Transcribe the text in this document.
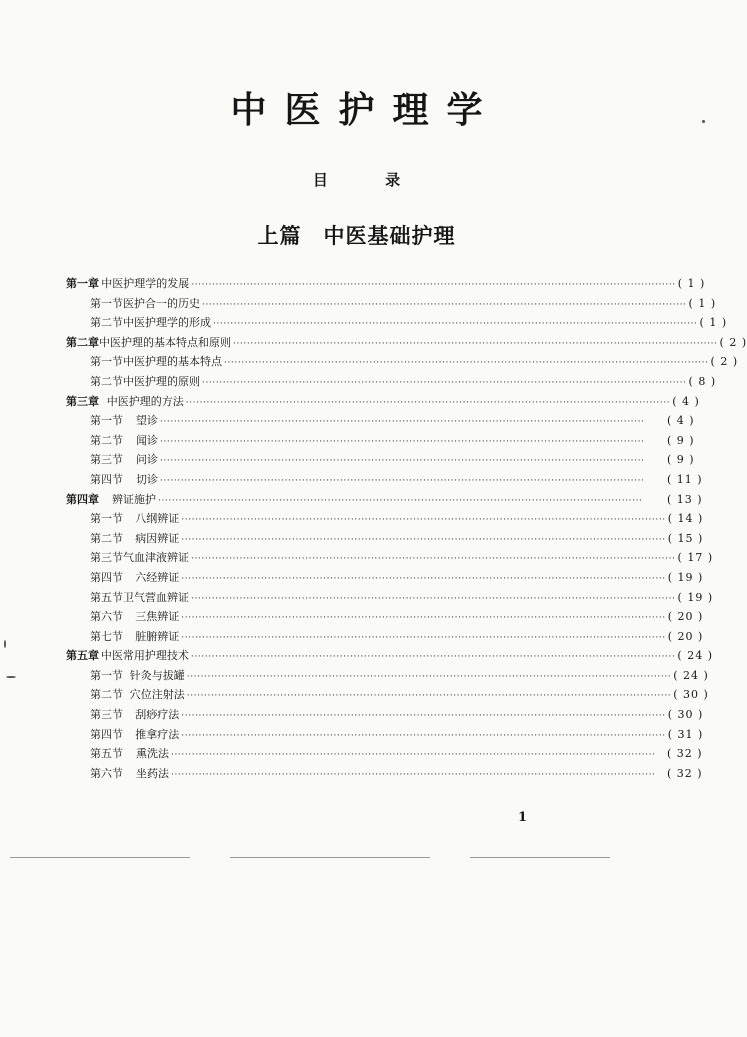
中医护理学
目 录
上篇 中医基础护理
第一章 中医护理学的发展 ············································································································································ ( 1 )
第一节 医护合一的历史 ············································································································································ ( 1 )
第二节 中医护理学的形成 ············································································································································ ( 1 )
第二章 中医护理的基本特点和原则 ············································································································································ ( 2 )
第一节 中医护理的基本特点 ············································································································································ ( 2 )
第二节 中医护理的原则 ············································································································································ ( 8 )
第三章 中医护理的方法 ············································································································································ ( 4 )
第一节	望诊 ············································································································································	( 4 )
第二节	闻诊 ············································································································································	( 9 )
第三节	问诊 ············································································································································	( 9 )
第四节	切诊 ············································································································································	( 11 )
第四章	辨证施护 ············································································································································	( 13 )
第一节	八纲辨证 ············································································································································ ( 14 )
第二节	病因辨证 ············································································································································ ( 15 )
第三节 气血津液辨证 ············································································································································ ( 17 )
第四节	六经辨证 ············································································································································ ( 19 )
第五节 卫气营血辨证 ············································································································································ ( 19 )
第六节	三焦辨证 ············································································································································ ( 20 )
第七节	脏腑辨证 ············································································································································ ( 20 )
第五章 中医常用护理技术 ············································································································································ ( 24 )
第一节 针灸与拔罐 ············································································································································ ( 24 )
第二节 穴位注射法 ············································································································································ ( 30 )
第三节	刮痧疗法 ············································································································································ ( 30 )
第四节	推拿疗法 ············································································································································ ( 31 )
第五节	熏洗法 ············································································································································	( 32 )
第六节	坐药法 ············································································································································	( 32 )
1
